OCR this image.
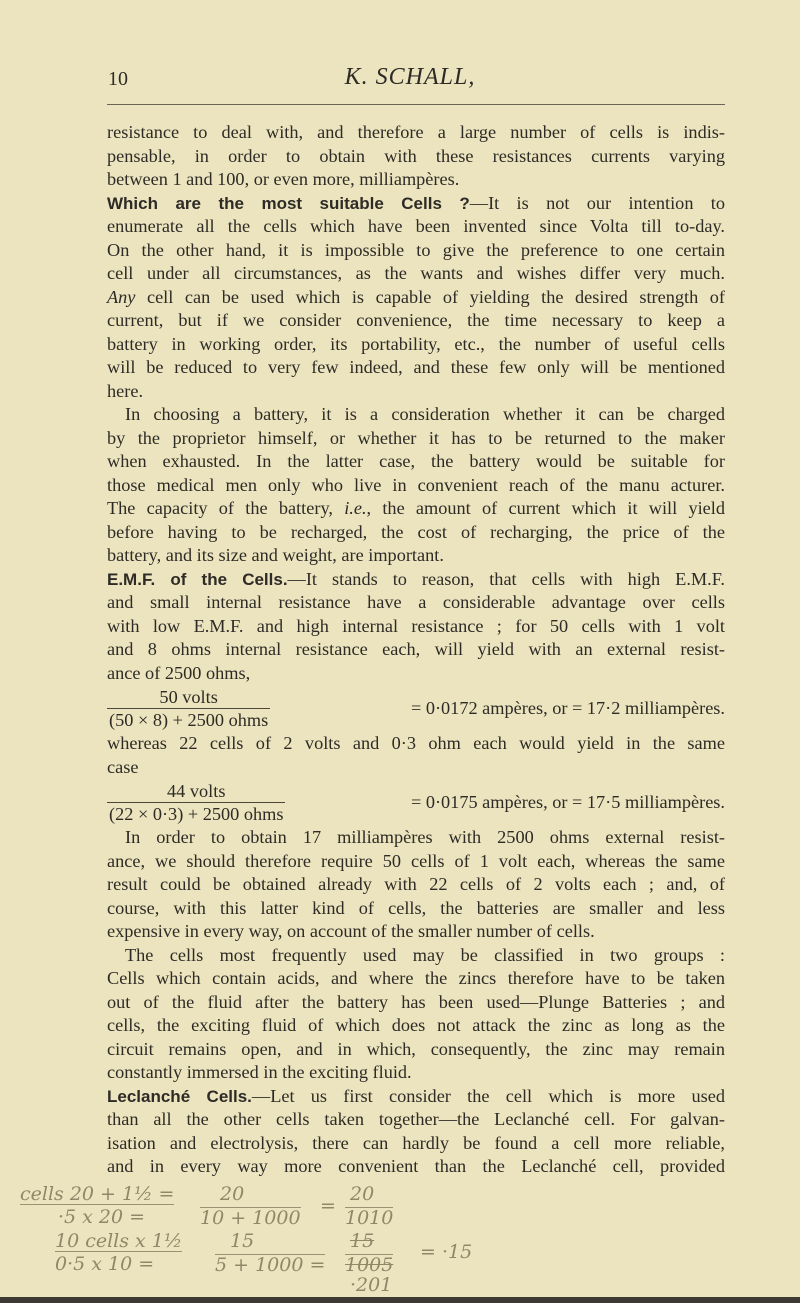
10	K. SCHALL,
resistance to deal with, and therefore a large number of cells is indis-
pensable, in order to obtain with these resistances currents varying
between 1 and 100, or even more, milliampères.
Which are the most suitable Cells ?—It is not our intention to
enumerate all the cells which have been invented since Volta till to-day.
On the other hand, it is impossible to give the preference to one certain
cell under all circumstances, as the wants and wishes differ very much.
Any cell can be used which is capable of yielding the desired strength of
current, but if we consider convenience, the time necessary to keep a
battery in working order, its portability, etc., the number of useful cells
will be reduced to very few indeed, and these few only will be mentioned
here.
In choosing a battery, it is a consideration whether it can be charged
by the proprietor himself, or whether it has to be returned to the maker
when exhausted. In the latter case, the battery would be suitable for
those medical men only who live in convenient reach of the manu acturer.
The capacity of the battery, i.e., the amount of current which it will yield
before having to be recharged, the cost of recharging, the price of the
battery, and its size and weight, are important.
E.M.F. of the Cells.—It stands to reason, that cells with high E.M.F.
and small internal resistance have a considerable advantage over cells
with low E.M.F. and high internal resistance ; for 50 cells with 1 volt
and 8 ohms internal resistance each, will yield with an external resist-
ance of 2500 ohms,
$\frac{\text{50 volts}}{\text{(50 × 8) + 2500 ohms}}$	= 0·0172 ampères, or = 17·2 milliampères.
whereas 22 cells of 2 volts and 0·3 ohm each would yield in the same
case
$\frac{\text{44 volts}}{\text{(22 × 0·3) + 2500 ohms}}$	= 0·0175 ampères, or = 17·5 milliampères.
In order to obtain 17 milliampères with 2500 ohms external resist-
ance, we should therefore require 50 cells of 1 volt each, whereas the same
result could be obtained already with 22 cells of 2 volts each ; and, of
course, with this latter kind of cells, the batteries are smaller and less
expensive in every way, on account of the smaller number of cells.
The cells most frequently used may be classified in two groups :
Cells which contain acids, and where the zincs therefore have to be taken
out of the fluid after the battery has been used—Plunge Batteries ; and
cells, the exciting fluid of which does not attack the zinc as long as the
circuit remains open, and in which, consequently, the zinc may remain
constantly immersed in the exciting fluid.
Leclanché Cells.—Let us first consider the cell which is more used
than all the other cells taken together—the Leclanché cell. For galvan-
isation and electrolysis, there can hardly be found a cell more reliable,
and in every way more convenient than the Leclanché cell, provided
cells 20 + 1½ =
·5 x 20 =
20
10 + 1000
=
20
1010
10 cells x 1½
0·5 x 10 =
15
5 + 1000 =
15
1005
·201
= ·15
